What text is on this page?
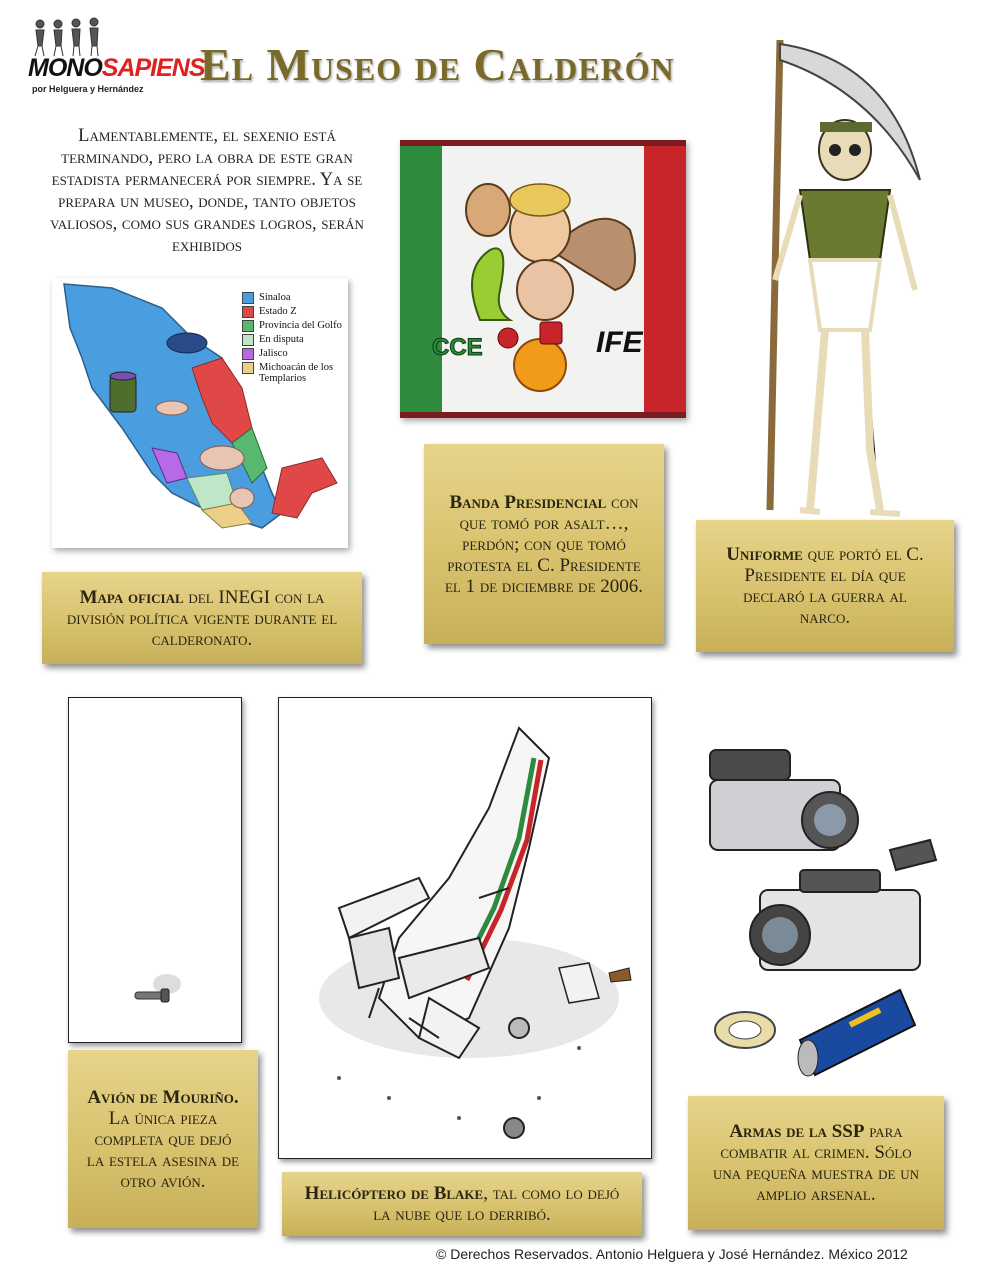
MONOSAPIENS
por Helguera y Hernández El Museo de Calderón
Lamentablemente, el sexenio está terminando, pero la obra de este gran estadista permanecerá por siempre. Ya se prepara un museo, donde, tanto objetos valiosos, como sus grandes logros, serán exhibidos
Sinaloa
Estado Z
Provincia del Golfo
En disputa
Jalisco
Michoacán de los Templarios
CCE	IFE
Mapa oficial del INEGI con la división política vigente durante el calderonato.
Banda Presidencial con que tomó por asalt…, perdón; con que tomó protesta el C. Presidente el 1 de diciembre de 2006.
Uniforme que portó el C. Presidente el día que declaró la guerra al narco.
Avión de Mouriño. La única pieza completa que dejó la estela asesina de otro avión.
Helicóptero de Blake, tal como lo dejó la nube que lo derribó.
Armas de la SSP para combatir al crimen. Sólo una pequeña muestra de un amplio arsenal.
© Derechos Reservados. Antonio Helguera y José Hernández. México 2012
